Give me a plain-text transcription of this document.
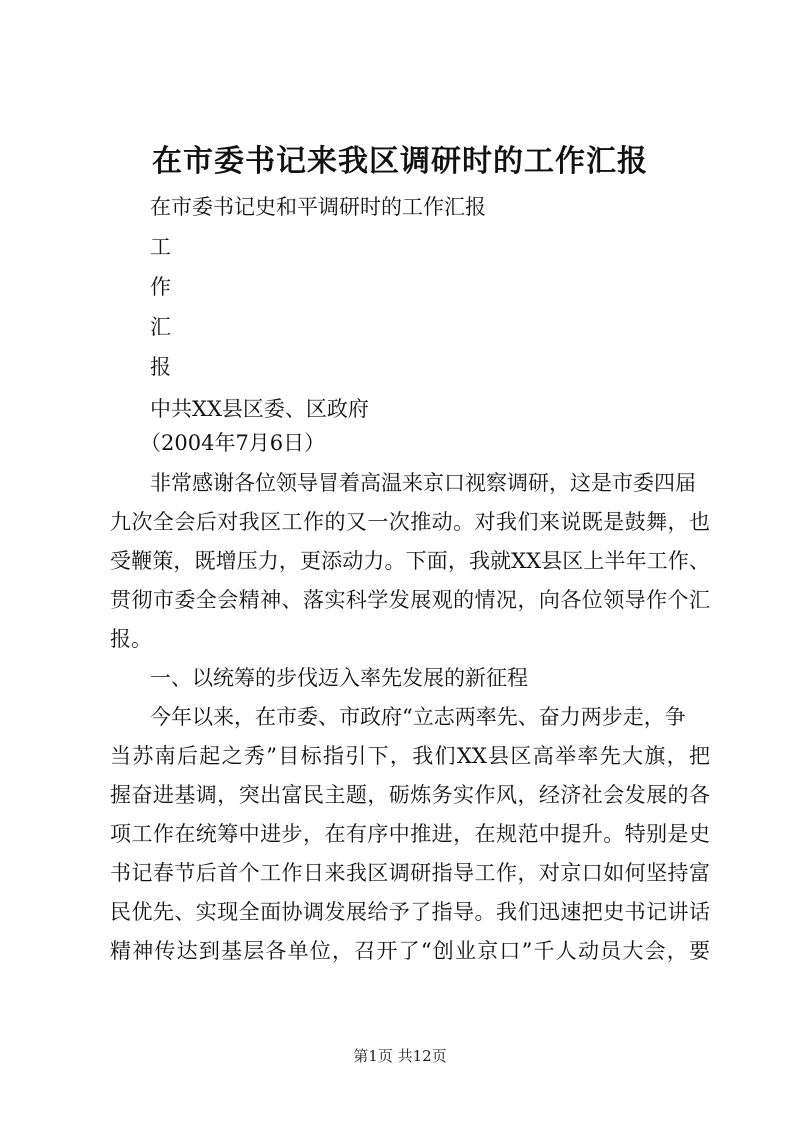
在市委书记来我区调研时的工作汇报
在市委书记史和平调研时的工作汇报
工
作
汇
报
中共XX县区委、区政府
（2004年7月6日）
非常感谢各位领导冒着高温来京口视察调研，这是市委四届
九次全会后对我区工作的又一次推动。对我们来说既是鼓舞，也
受鞭策，既增压力，更添动力。下面，我就XX县区上半年工作、
贯彻市委全会精神、落实科学发展观的情况，向各位领导作个汇
报。
一、以统筹的步伐迈入率先发展的新征程
今年以来，在市委、市政府“立志两率先、奋力两步走，争
当苏南后起之秀”目标指引下，我们XX县区高举率先大旗，把
握奋进基调，突出富民主题，砺炼务实作风，经济社会发展的各
项工作在统筹中进步，在有序中推进，在规范中提升。特别是史
书记春节后首个工作日来我区调研指导工作，对京口如何坚持富
民优先、实现全面协调发展给予了指导。我们迅速把史书记讲话
精神传达到基层各单位，召开了“创业京口”千人动员大会，要
第1页 共12页
